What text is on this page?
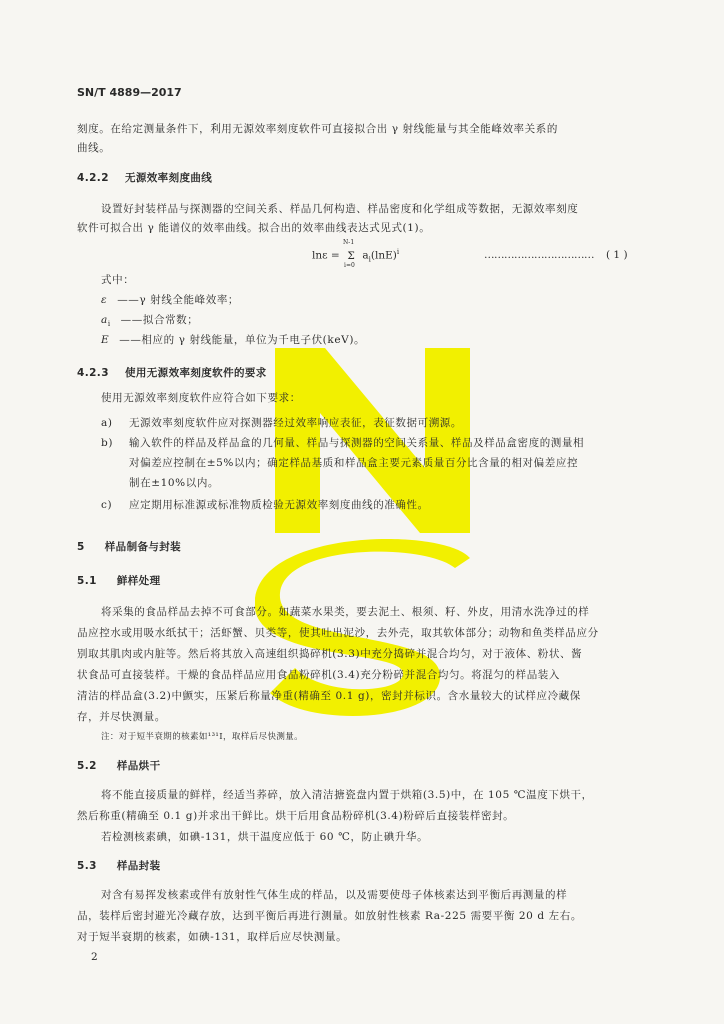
SN/T 4889—2017
刻度。在给定测量条件下，利用无源效率刻度软件可直接拟合出 γ 射线能量与其全能峰效率关系的
曲线。
4.2.2 无源效率刻度曲线
设置好封装样品与探测器的空间关系、样品几何构造、样品密度和化学组成等数据，无源效率刻度
软件可拟合出 γ 能谱仪的效率曲线。拟合出的效率曲线表达式见式(1)。
lnε =
N-1
Σ
i=0
$a_i(\ln E)^i$	…………………………… ( 1 )
式中：
ε ——γ 射线全能峰效率；
$a_i$ ——拟合常数；
E ——相应的 γ 射线能量，单位为千电子伏(keV)。
4.2.3 使用无源效率刻度软件的要求
使用无源效率刻度软件应符合如下要求：
a) 无源效率刻度软件应对探测器经过效率响应表征，表征数据可溯源。
b) 输入软件的样品及样品盒的几何量、样品与探测器的空间关系量、样品及样品盒密度的测量相
对偏差应控制在±5%以内；确定样品基质和样品盒主要元素质量百分比含量的相对偏差应控
制在±10%以内。
c) 应定期用标准源或标准物质检验无源效率刻度曲线的准确性。
5 样品制备与封装
5.1 鲜样处理
将采集的食品样品去掉不可食部分。如蔬菜水果类，要去泥土、根须、籽、外皮，用清水洗净过的样
品应控水或用吸水纸拭干；活虾蟹、贝类等，使其吐出泥沙，去外壳，取其软体部分；动物和鱼类样品应分
别取其肌肉或内脏等。然后将其放入高速组织捣碎机(3.3)中充分捣碎并混合均匀，对于液体、粉状、酱
状食品可直接装样。干燥的食品样品应用食品粉碎机(3.4)充分粉碎并混合均匀。将混匀的样品装入
清洁的样品盒(3.2)中颤实，压紧后称量净重(精确至 0.1 g)，密封并标识。含水量较大的试样应冷藏保
存，并尽快测量。
注：对于短半衰期的核素如¹³¹I，取样后尽快测量。
5.2 样品烘干
将不能直接质量的鲜样，经适当荞碎，放入清洁搪瓷盘内置于烘箱(3.5)中，在 105 ℃温度下烘干，
然后称重(精确至 0.1 g)并求出干鲜比。烘干后用食品粉碎机(3.4)粉碎后直接装样密封。
若检测核素碘，如碘-131，烘干温度应低于 60 ℃，防止碘升华。
5.3 样品封装
对含有易挥发核素或伴有放射性气体生成的样品，以及需要使母子体核素达到平衡后再测量的样
品，装样后密封避光冷藏存放，达到平衡后再进行测量。如放射性核素 Ra-225 需要平衡 20 d 左右。
对于短半衰期的核素，如碘-131，取样后应尽快测量。
2
